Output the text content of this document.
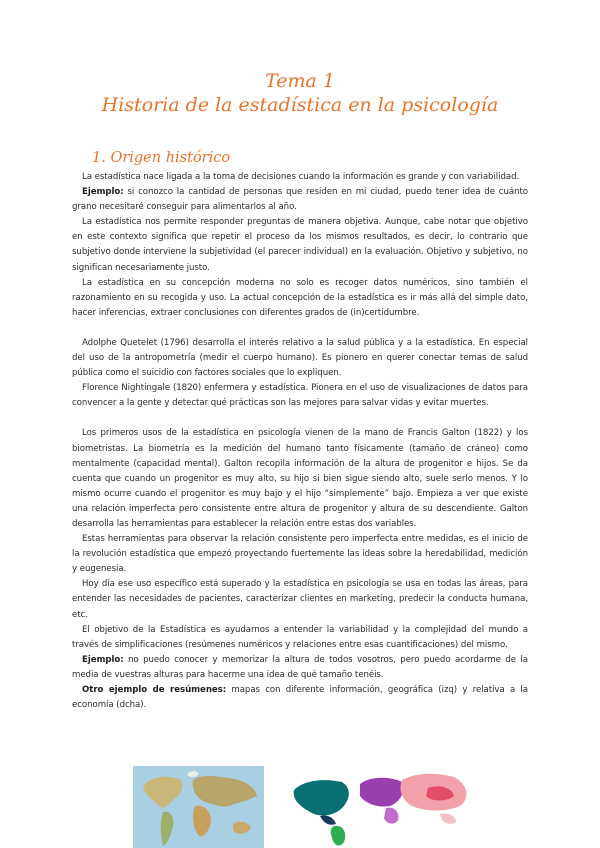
Tema 1
Historia de la estadística en la psicología
1. Origen histórico

La estadística nace ligada a la toma de decisiones cuando la información es grande y con variabilidad.

Ejemplo: si conozco la cantidad de personas que residen en mi ciudad, puedo tener idea de cuánto grano necesitaré conseguir para alimentarlos al año.

La estadística nos permite responder preguntas de manera objetiva. Aunque, cabe notar que objetivo en este contexto significa que repetir el proceso da los mismos resultados, es decir, lo contrario que subjetivo donde interviene la subjetividad (el parecer individual) en la evaluación. Objetivo y subjetivo, no significan necesariamente justo.

La estadística en su concepción moderna no solo es recoger datos numéricos, sino también el razonamiento en su recogida y uso. La actual concepción de la estadística es ir más allá del simple dato, hacer inferencias, extraer conclusiones con diferentes grados de (in)certidumbre.

Adolphe Quetelet (1796) desarrolla el interés relativo a la salud pública y a la estadística. En especial del uso de la antropometría (medir el cuerpo humano). Es pionero en querer conectar temas de salud pública como el suicidio con factores sociales que lo expliquen.

Florence Nightingale (1820) enfermera y estadística. Pionera en el uso de visualizaciones de datos para convencer a la gente y detectar qué prácticas son las mejores para salvar vidas y evitar muertes.

Los primeros usos de la estadística en psicología vienen de la mano de Francis Galton (1822) y los biometristas. La biometría es la medición del humano tanto físicamente (tamaño de cráneo) como mentalmente (capacidad mental). Galton recopila información de la altura de progenitor e hijos. Se da cuenta que cuando un progenitor es muy alto, su hijo si bien sigue siendo alto, suele serlo menos. Y lo mismo ocurre cuando el progenitor es muy bajo y el hijo “simplemente” bajo. Empieza a ver que existe una relación imperfecta pero consistente entre altura de progenitor y altura de su descendiente. Galton desarrolla las herramientas para establecer la relación entre estas dos variables.

Estas herramientas para observar la relación consistente pero imperfecta entre medidas, es el inicio de la revolución estadística que empezó proyectando fuertemente las ideas sobre la heredabilidad, medición y eugenesia.

Hoy día ese uso específico está superado y la estadística en psicología se usa en todas las áreas, para entender las necesidades de pacientes, caracterizar clientes en marketing, predecir la conducta humana, etc.

El objetivo de la Estadística es ayudarnos a entender la variabilidad y la complejidad del mundo a través de simplificaciones (resúmenes numéricos y relaciones entre esas cuantificaciones) del mismo.

Ejemplo: no puedo conocer y memorizar la altura de todos vosotros, pero puedo acordarme de la media de vuestras alturas para hacerme una idea de qué tamaño tenéis.

Otro ejemplo de resúmenes: mapas con diferente información, geográfica (izq) y relativa a la economía (dcha).
